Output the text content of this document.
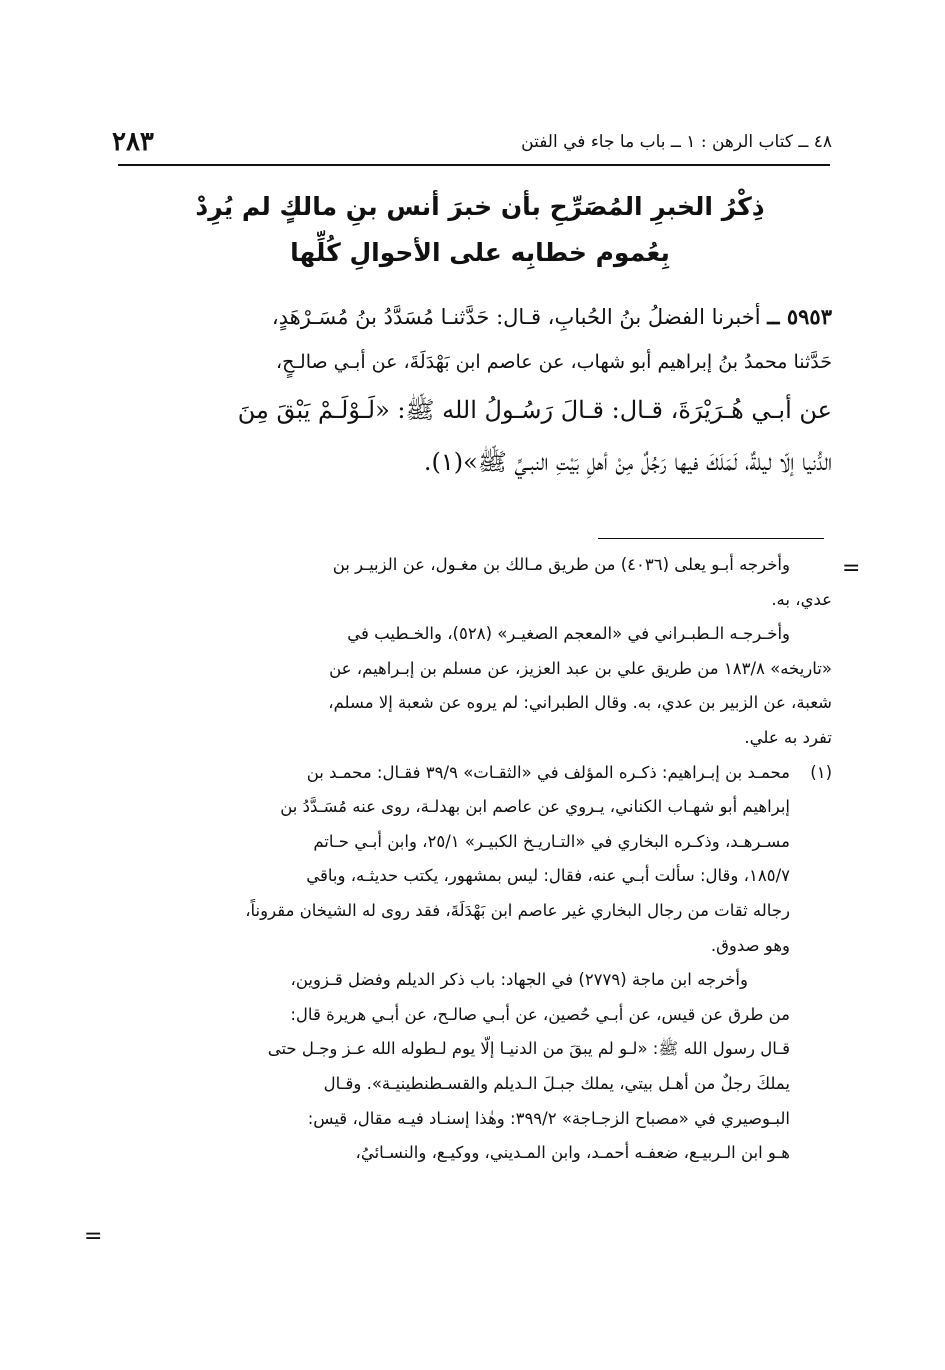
٢٨٣	٤٨ ــ كتاب الرهن : ١ ــ باب ما جاء في الفتن
ذِكْرُ الخبرِ المُصَرِّحِ بأن خبرَ أنس بنِ مالكٍ لم يُرِدْ
بِعُموم خطابِه على الأحوالِ كُلِّها
٥٩٥٣ ــ أخبرنا الفضلُ بنُ الحُبابِ، قـال: حَدَّثنـا مُسَدَّدُ بنُ مُسَـرْهَدٍ،
حَدَّثنا محمدُ بنُ إبراهيم أبو شهاب، عن عاصم ابن بَهْدَلَةَ، عن أبـي صالـحٍ،
عن أبـي هُـرَيْرَةَ، قـال: قـالَ رَسُـولُ الله ﷺ: «لَـوْلَـمْ يَبْقَ مِنَ
الدُّنيا إلّا ليلةٌ، لَمَلَكَ فيها رَجُلٌ مِنْ أهلِ بَيْتِ النبـيِّ ﷺ»(١).
=
وأخرجه أبـو يعلى (٤٠٣٦) من طريق مـالك بن مغـول، عن الزبيـر بن
عدي، به.
وأخـرجـه الـطبـراني في «المعجم الصغيـر» (٥٢٨)، والخـطيب في
«تاريخه» ١٨٣/٨ من طريق علي بن عبد العزيز، عن مسلم بن إبـراهيم، عن
شعبة، عن الزبير بن عدي، به. وقال الطبراني: لم يروه عن شعبة إلا مسلم،
تفرد به علي.
(١)
محمـد بن إبـراهيم: ذكـره المؤلف في «الثقـات» ٣٩/٩ فقـال: محمـد بن
إبراهيم أبو شهـاب الكناني، يـروي عن عاصم ابن بهدلـة، روى عنه مُسَـدَّدُ بن
مسـرهـد، وذكـره البخاري في «التـاريـخ الكبيـر» ٢٥/١، وابن أبـي حـاتم
١٨٥/٧، وقال: سألت أبـي عنه، فقال: ليس بمشهور، يكتب حديثـه، وباقي
رجاله ثقات من رجال البخاري غير عاصم ابن بَهْدَلَةَ، فقد روى له الشيخان مقروناً،
وهو صدوق.
وأخرجه ابن ماجة (٢٧٧٩) في الجهاد: باب ذكر الديلم وفضل قـزوين،
من طرق عن قيس، عن أبـي حُصين، عن أبـي صالـح، عن أبـي هريرة قال:
قـال رسول الله ﷺ: «لـو لم يبقَ من الدنيـا إلّا يوم لـطوله الله عـز وجـل حتى
يملكَ رجلٌ من أهـل بيتي، يملك جبـلَ الـديلم والقسـطنطينيـة». وقـال
البـوصيري في «مصباح الزجـاجة» ٣٩٩/٢: وهٰذا إسنـاد فيـه مقال، قيس:
هـو ابن الـربيـع، ضعفـه أحمـد، وابن المـديني، ووكيـع، والنسـائيُ،
=
